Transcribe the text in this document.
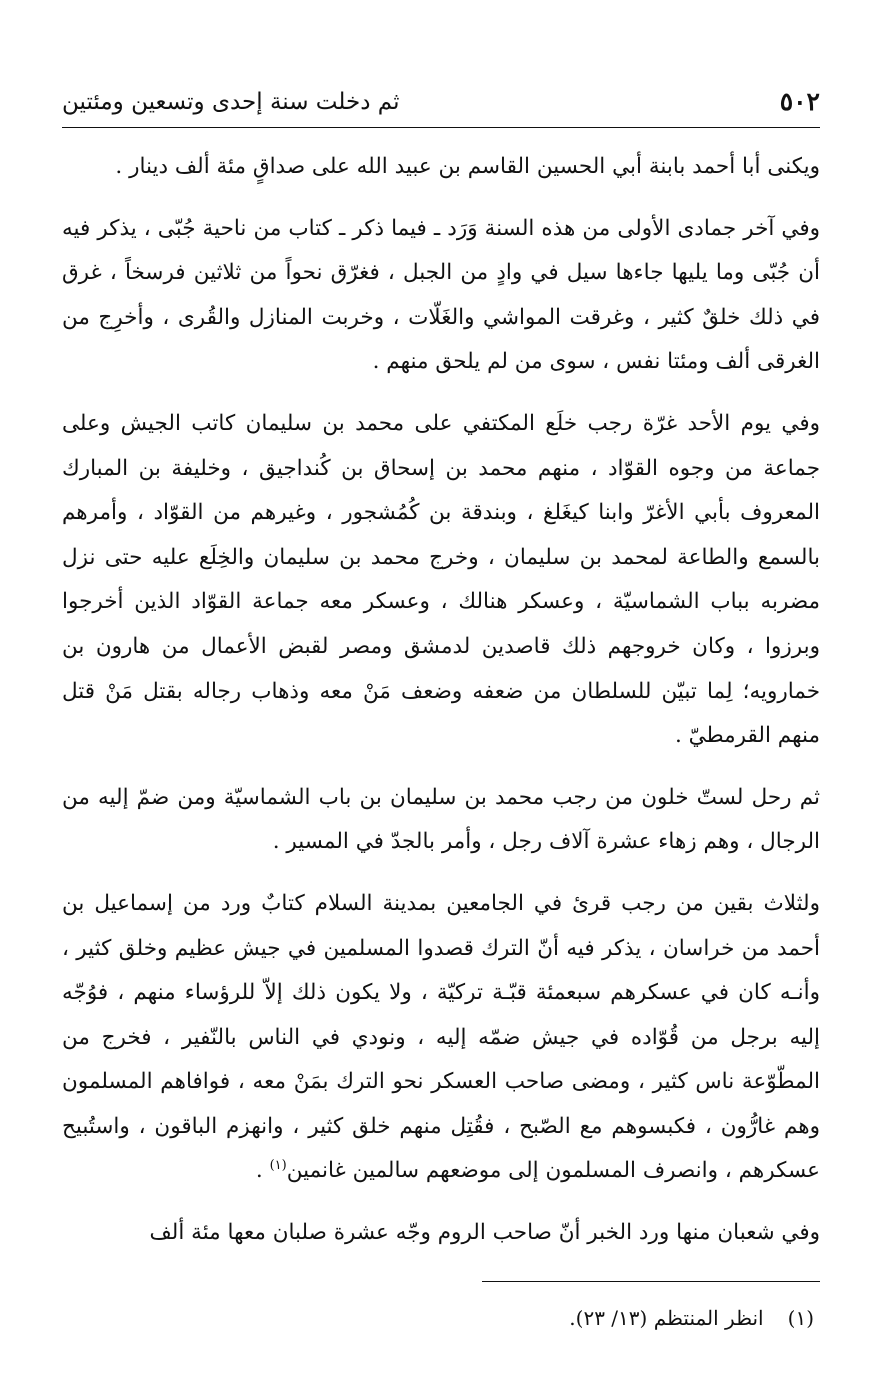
٥٠٢
ثم دخلت سنة إحدى وتسعين ومئتين

ويكنى أبا أحمد بابنة أبي الحسين القاسم بن عبيد الله على صداقٍ مئة ألف دينار .

وفي آخر جمادى الأولى من هذه السنة وَرَد ـ فيما ذكر ـ كتاب من ناحية جُبّى ، يذكر فيه أن جُبّى وما يليها جاءها سيل في وادٍ من الجبل ، فغرّق نحواً من ثلاثين فرسخاً ، غرق في ذلك خلقٌ كثير ، وغرقت المواشي والغَلّات ، وخربت المنازل والقُرى ، وأخرِج من الغرقى ألف ومئتا نفس ، سوى من لم يلحق منهم .

وفي يوم الأحد غرّة رجب خلَع المكتفي على محمد بن سليمان كاتب الجيش وعلى جماعة من وجوه القوّاد ، منهم محمد بن إسحاق بن كُنداجيق ، وخليفة بن المبارك المعروف بأبي الأغرّ وابنا كيغَلغ ، وبندقة بن كُمُشجور ، وغيرهم من القوّاد ، وأمرهم بالسمع والطاعة لمحمد بن سليمان ، وخرج محمد بن سليمان والخِلَع عليه حتى نزل مضربه بباب الشماسيّة ، وعسكر هنالك ، وعسكر معه جماعة القوّاد الذين أخرجوا وبرزوا ، وكان خروجهم ذلك قاصدين لدمشق ومصر لقبض الأعمال من هارون بن خمارويه؛ لِما تبيّن للسلطان من ضعفه وضعف مَنْ معه وذهاب رجاله بقتل مَنْ قتل منهم القرمطيّ .

ثم رحل لستّ خلون من رجب محمد بن سليمان بن باب الشماسيّة ومن ضمّ إليه من الرجال ، وهم زهاء عشرة آلاف رجل ، وأمر بالجدّ في المسير .

ولثلاث بقين من رجب قرئ في الجامعين بمدينة السلام كتابٌ ورد من إسماعيل بن أحمد من خراسان ، يذكر فيه أنّ الترك قصدوا المسلمين في جيش عظيم وخلق كثير ، وأنـه كان في عسكرهم سبعمئة قبّـة تركيّة ، ولا يكون ذلك إلاّ للرؤساء منهم ، فوُجّه إليه برجل من قُوّاده في جيش ضمّه إليه ، ونودي في الناس بالنّفير ، فخرج من المطّوّعة ناس كثير ، ومضى صاحب العسكر نحو الترك بمَنْ معه ، فوافاهم المسلمون وهم غارُّون ، فكبسوهم مع الصّبح ، فقُتِل منهم خلق كثير ، وانهزم الباقون ، واستُبيح عسكرهم ، وانصرف المسلمون إلى موضعهم سالمين غانمين$^{(١)}$ .

وفي شعبان منها ورد الخبر أنّ صاحب الروم وجّه عشرة صلبان معها مئة ألف

(١)انظر المنتظم (١٣/ ٢٣).
